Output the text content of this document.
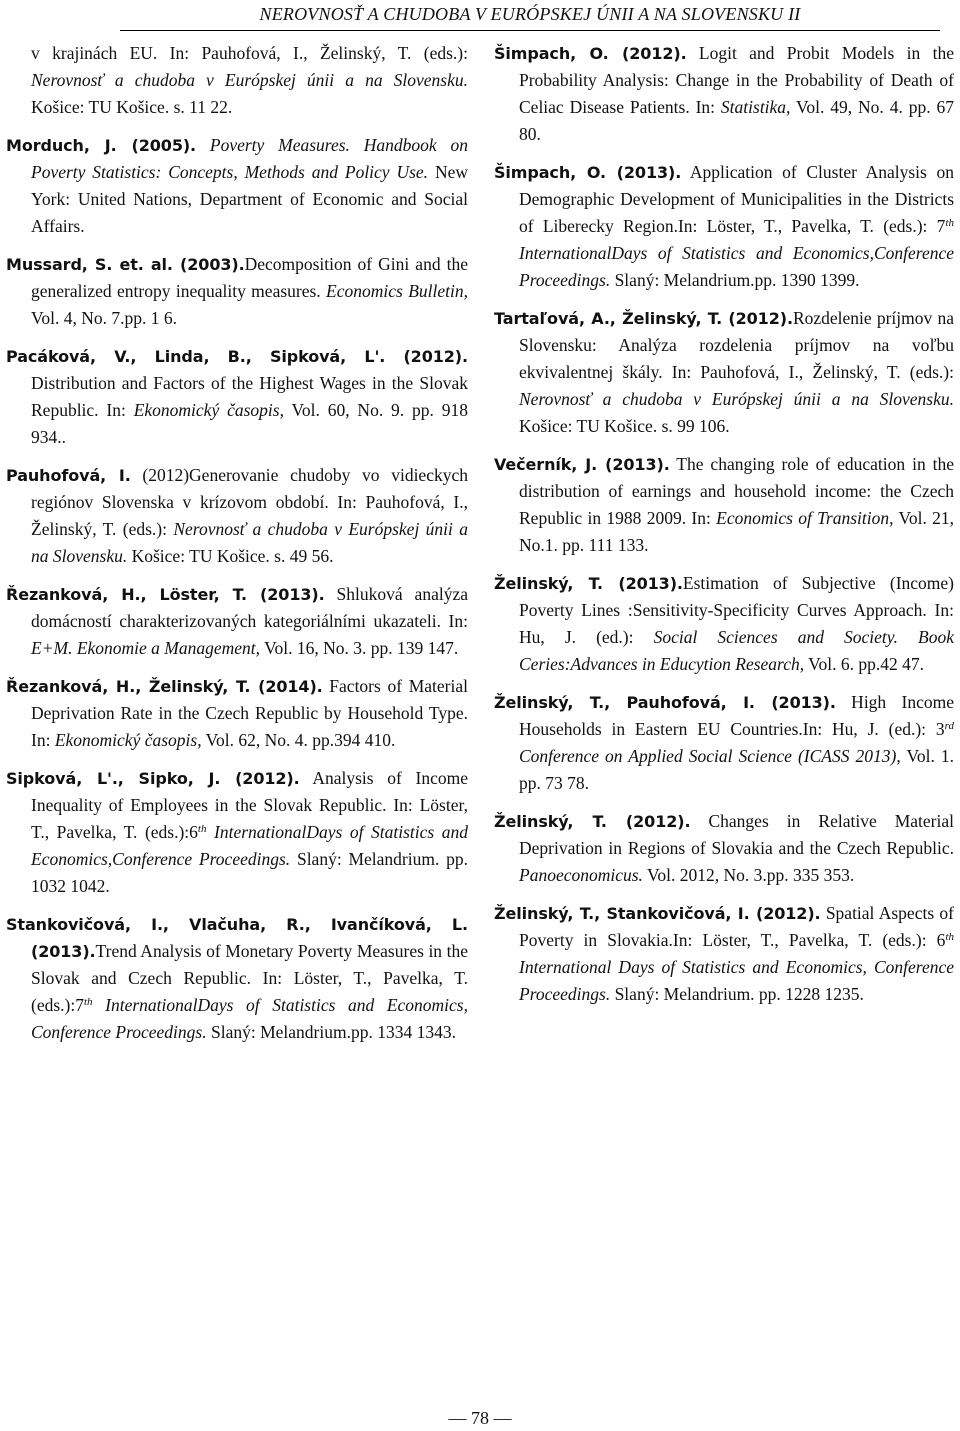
NEROVNOSŤ A CHUDOBA V EURÓPSKEJ ÚNII A NA SLOVENSKU II

v krajinách EU. In: Pauhofová, I., Želinský, T. (eds.): Nerovnosť a chudoba v Európskej únii a na Slovensku. Košice: TU Košice. s. 11 22.

Morduch, J. (2005). Poverty Measures. Handbook on Poverty Statistics: Concepts, Methods and Policy Use. New York: United Nations, Department of Economic and Social Affairs.

Mussard, S. et. al. (2003).Decomposition of Gini and the generalized entropy inequality measures. Economics Bulletin, Vol. 4, No. 7.pp. 1 6.

Pacáková, V., Linda, B., Sipková, L'. (2012). Distribution and Factors of the Highest Wages in the Slovak Republic. In: Ekonomický časopis, Vol. 60, No. 9. pp. 918 934..

Pauhofová, I. (2012)Generovanie chudoby vo vidieckych regiónov Slovenska v krízovom období. In: Pauhofová, I., Želinský, T. (eds.): Nerovnosť a chudoba v Európskej únii a na Slovensku. Košice: TU Košice. s. 49 56.

Řezanková, H., Löster, T. (2013). Shluková analýza domácností charakterizovaných kategoriálními ukazateli. In: E+M. Ekonomie a Management, Vol. 16, No. 3. pp. 139 147.

Řezanková, H., Želinský, T. (2014). Factors of Material Deprivation Rate in the Czech Republic by Household Type. In: Ekonomický časopis, Vol. 62, No. 4. pp.394 410.

Sipková, L'., Sipko, J. (2012). Analysis of Income Inequality of Employees in the Slovak Republic. In: Löster, T., Pavelka, T. (eds.):6th InternationalDays of Statistics and Economics,Conference Proceedings. Slaný: Melandrium. pp. 1032 1042.

Stankovičová, I., Vlačuha, R., Ivančíková, L. (2013).Trend Analysis of Monetary Poverty Measures in the Slovak and Czech Republic. In: Löster, T., Pavelka, T. (eds.):7th InternationalDays of Statistics and Economics, Conference Proceedings. Slaný: Melandrium.pp. 1334 1343.

Šimpach, O. (2012). Logit and Probit Models in the Probability Analysis: Change in the Probability of Death of Celiac Disease Patients. In: Statistika, Vol. 49, No. 4. pp. 67 80.

Šimpach, O. (2013). Application of Cluster Analysis on Demographic Development of Municipalities in the Districts of Liberecky Region.In: Löster, T., Pavelka, T. (eds.): 7th InternationalDays of Statistics and Economics,Conference Proceedings. Slaný: Melandrium.pp. 1390 1399.

Tartaľová, A., Želinský, T. (2012).Rozdelenie príjmov na Slovensku: Analýza rozdelenia príjmov na voľbu ekvivalentnej škály. In: Pauhofová, I., Želinský, T. (eds.): Nerovnosť a chudoba v Európskej únii a na Slovensku. Košice: TU Košice. s. 99 106.

Večerník, J. (2013). The changing role of education in the distribution of earnings and household income: the Czech Republic in 1988 2009. In: Economics of Transition, Vol. 21, No.1. pp. 111 133.

Želinský, T. (2013).Estimation of Subjective (Income) Poverty Lines :Sensitivity-Specificity Curves Approach. In: Hu, J. (ed.): Social Sciences and Society. Book Ceries:Advances in Educytion Research, Vol. 6. pp.42 47.

Želinský, T., Pauhofová, I. (2013). High Income Households in Eastern EU Countries.In: Hu, J. (ed.): 3rd Conference on Applied Social Science (ICASS 2013), Vol. 1. pp. 73 78.

Želinský, T. (2012). Changes in Relative Material Deprivation in Regions of Slovakia and the Czech Republic. Panoeconomicus. Vol. 2012, No. 3.pp. 335 353.

Želinský, T., Stankovičová, I. (2012). Spatial Aspects of Poverty in Slovakia.In: Löster, T., Pavelka, T. (eds.): 6th International Days of Statistics and Economics, Conference Proceedings. Slaný: Melandrium. pp. 1228 1235.

— 78 —
